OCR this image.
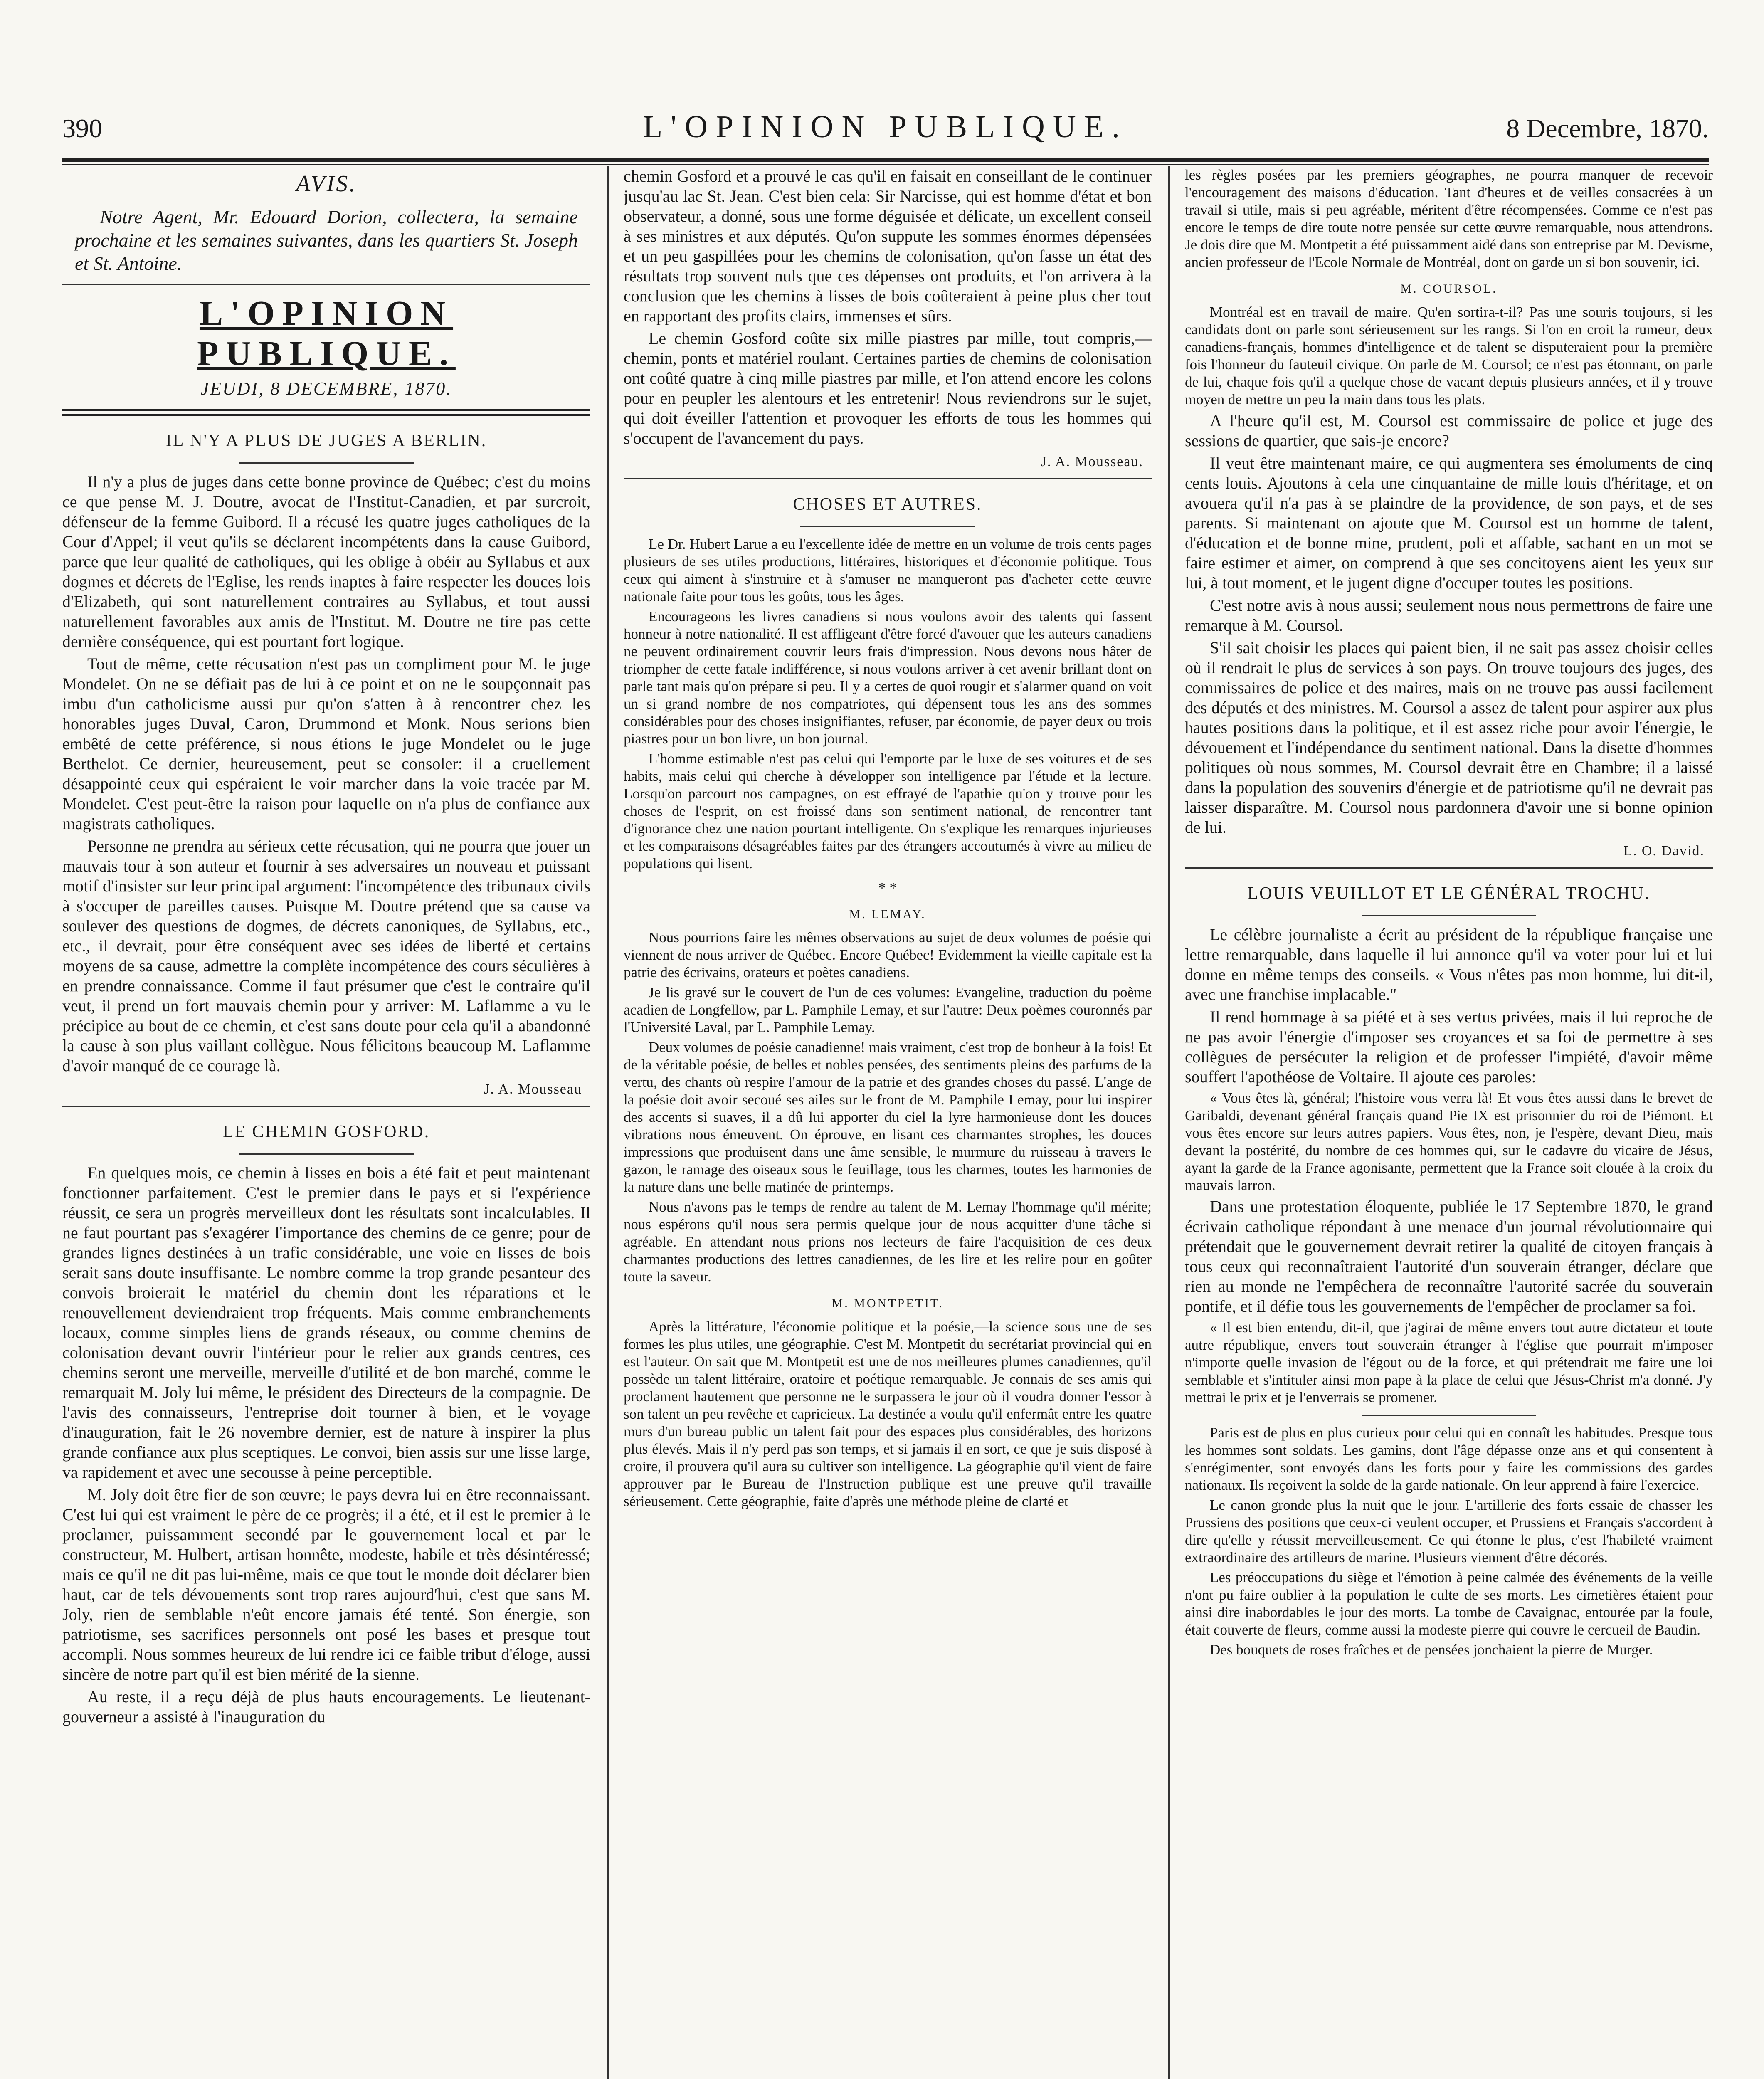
390	L'OPINION PUBLIQUE.	8 Decembre, 1870.
AVIS.
Notre Agent, Mr. Edouard Dorion, collectera, la semaine prochaine et les semaines suivantes, dans les quartiers St. Joseph et St. Antoine.
L'OPINION PUBLIQUE.
JEUDI, 8 DECEMBRE, 1870.
IL N'Y A PLUS DE JUGES A BERLIN.

Il n'y a plus de juges dans cette bonne province de Québec; c'est du moins ce que pense M. J. Doutre, avocat de l'Institut-Canadien, et par surcroit, défenseur de la femme Guibord. Il a récusé les quatre juges catholiques de la Cour d'Appel; il veut qu'ils se déclarent incompétents dans la cause Guibord, parce que leur qualité de catholiques, qui les oblige à obéir au Syllabus et aux dogmes et décrets de l'Eglise, les rends inaptes à faire respecter les douces lois d'Elizabeth, qui sont naturellement contraires au Syllabus, et tout aussi naturellement favorables aux amis de l'Institut. M. Doutre ne tire pas cette dernière conséquence, qui est pourtant fort logique.

Tout de même, cette récusation n'est pas un compliment pour M. le juge Mondelet. On ne se défiait pas de lui à ce point et on ne le soupçonnait pas imbu d'un catholicisme aussi pur qu'on s'atten à à rencontrer chez les honorables juges Duval, Caron, Drummond et Monk. Nous serions bien embêté de cette préférence, si nous étions le juge Mondelet ou le juge Berthelot. Ce dernier, heureusement, peut se consoler: il a cruellement désappointé ceux qui espéraient le voir marcher dans la voie tracée par M. Mondelet. C'est peut-être la raison pour laquelle on n'a plus de confiance aux magistrats catholiques.

Personne ne prendra au sérieux cette récusation, qui ne pourra que jouer un mauvais tour à son auteur et fournir à ses adversaires un nouveau et puissant motif d'insister sur leur principal argument: l'incompétence des tribunaux civils à s'occuper de pareilles causes. Puisque M. Doutre prétend que sa cause va soulever des questions de dogmes, de décrets canoniques, de Syllabus, etc., etc., il devrait, pour être conséquent avec ses idées de liberté et certains moyens de sa cause, admettre la complète incompétence des cours séculières à en prendre connaissance. Comme il faut présumer que c'est le contraire qu'il veut, il prend un fort mauvais chemin pour y arriver: M. Laflamme a vu le précipice au bout de ce chemin, et c'est sans doute pour cela qu'il a abandonné la cause à son plus vaillant collègue. Nous félicitons beaucoup M. Laflamme d'avoir manqué de ce courage là.

J. A. Mousseau
LE CHEMIN GOSFORD.

En quelques mois, ce chemin à lisses en bois a été fait et peut maintenant fonctionner parfaitement. C'est le premier dans le pays et si l'expérience réussit, ce sera un progrès merveilleux dont les résultats sont incalculables. Il ne faut pourtant pas s'exagérer l'importance des chemins de ce genre; pour de grandes lignes destinées à un trafic considérable, une voie en lisses de bois serait sans doute insuffisante. Le nombre comme la trop grande pesanteur des convois broierait le matériel du chemin dont les réparations et le renouvellement deviendraient trop fréquents. Mais comme embranchements locaux, comme simples liens de grands réseaux, ou comme chemins de colonisation devant ouvrir l'intérieur pour le relier aux grands centres, ces chemins seront une merveille, merveille d'utilité et de bon marché, comme le remarquait M. Joly lui même, le président des Directeurs de la compagnie. De l'avis des connaisseurs, l'entreprise doit tourner à bien, et le voyage d'inauguration, fait le 26 novembre dernier, est de nature à inspirer la plus grande confiance aux plus sceptiques. Le convoi, bien assis sur une lisse large, va rapidement et avec une secousse à peine perceptible.

M. Joly doit être fier de son œuvre; le pays devra lui en être reconnaissant. C'est lui qui est vraiment le père de ce progrès; il a été, et il est le premier à le proclamer, puissamment secondé par le gouvernement local et par le constructeur, M. Hulbert, artisan honnête, modeste, habile et très désintéressé; mais ce qu'il ne dit pas lui-même, mais ce que tout le monde doit déclarer bien haut, car de tels dévouements sont trop rares aujourd'hui, c'est que sans M. Joly, rien de semblable n'eût encore jamais été tenté. Son énergie, son patriotisme, ses sacrifices personnels ont posé les bases et presque tout accompli. Nous sommes heureux de lui rendre ici ce faible tribut d'éloge, aussi sincère de notre part qu'il est bien mérité de la sienne.

Au reste, il a reçu déjà de plus hauts encouragements. Le lieutenant-gouverneur a assisté à l'inauguration du

chemin Gosford et a prouvé le cas qu'il en faisait en conseillant de le continuer jusqu'au lac St. Jean. C'est bien cela: Sir Narcisse, qui est homme d'état et bon observateur, a donné, sous une forme déguisée et délicate, un excellent conseil à ses ministres et aux députés. Qu'on suppute les sommes énormes dépensées et un peu gaspillées pour les chemins de colonisation, qu'on fasse un état des résultats trop souvent nuls que ces dépenses ont produits, et l'on arrivera à la conclusion que les chemins à lisses de bois coûteraient à peine plus cher tout en rapportant des profits clairs, immenses et sûrs.

Le chemin Gosford coûte six mille piastres par mille, tout compris,—chemin, ponts et matériel roulant. Certaines parties de chemins de colonisation ont coûté quatre à cinq mille piastres par mille, et l'on attend encore les colons pour en peupler les alentours et les entretenir! Nous reviendrons sur le sujet, qui doit éveiller l'attention et provoquer les efforts de tous les hommes qui s'occupent de l'avancement du pays.

J. A. Mousseau.
CHOSES ET AUTRES.

Le Dr. Hubert Larue a eu l'excellente idée de mettre en un volume de trois cents pages plusieurs de ses utiles productions, littéraires, historiques et d'économie politique. Tous ceux qui aiment à s'instruire et à s'amuser ne manqueront pas d'acheter cette œuvre nationale faite pour tous les goûts, tous les âges.

Encourageons les livres canadiens si nous voulons avoir des talents qui fassent honneur à notre nationalité. Il est affligeant d'être forcé d'avouer que les auteurs canadiens ne peuvent ordinairement couvrir leurs frais d'impression. Nous devons nous hâter de triompher de cette fatale indifférence, si nous voulons arriver à cet avenir brillant dont on parle tant mais qu'on prépare si peu. Il y a certes de quoi rougir et s'alarmer quand on voit un si grand nombre de nos compatriotes, qui dépensent tous les ans des sommes considérables pour des choses insignifiantes, refuser, par économie, de payer deux ou trois piastres pour un bon livre, un bon journal.

L'homme estimable n'est pas celui qui l'emporte par le luxe de ses voitures et de ses habits, mais celui qui cherche à développer son intelligence par l'étude et la lecture. Lorsqu'on parcourt nos campagnes, on est effrayé de l'apathie qu'on y trouve pour les choses de l'esprit, on est froissé dans son sentiment national, de rencontrer tant d'ignorance chez une nation pourtant intelligente. On s'explique les remarques injurieuses et les comparaisons désagréables faites par des étrangers accoutumés à vivre au milieu de populations qui lisent.

* *
M. LEMAY.

Nous pourrions faire les mêmes observations au sujet de deux volumes de poésie qui viennent de nous arriver de Québec. Encore Québec! Evidemment la vieille capitale est la patrie des écrivains, orateurs et poètes canadiens.

Je lis gravé sur le couvert de l'un de ces volumes: Evangeline, traduction du poème acadien de Longfellow, par L. Pamphile Lemay, et sur l'autre: Deux poèmes couronnés par l'Université Laval, par L. Pamphile Lemay.

Deux volumes de poésie canadienne! mais vraiment, c'est trop de bonheur à la fois! Et de la véritable poésie, de belles et nobles pensées, des sentiments pleins des parfums de la vertu, des chants où respire l'amour de la patrie et des grandes choses du passé. L'ange de la poésie doit avoir secoué ses ailes sur le front de M. Pamphile Lemay, pour lui inspirer des accents si suaves, il a dû lui apporter du ciel la lyre harmonieuse dont les douces vibrations nous émeuvent. On éprouve, en lisant ces charmantes strophes, les douces impressions que produisent dans une âme sensible, le murmure du ruisseau à travers le gazon, le ramage des oiseaux sous le feuillage, tous les charmes, toutes les harmonies de la nature dans une belle matinée de printemps.

Nous n'avons pas le temps de rendre au talent de M. Lemay l'hommage qu'il mérite; nous espérons qu'il nous sera permis quelque jour de nous acquitter d'une tâche si agréable. En attendant nous prions nos lecteurs de faire l'acquisition de ces deux charmantes productions des lettres canadiennes, de les lire et les relire pour en goûter toute la saveur.

M. MONTPETIT.

Après la littérature, l'économie politique et la poésie,—la science sous une de ses formes les plus utiles, une géographie. C'est M. Montpetit du secrétariat provincial qui en est l'auteur. On sait que M. Montpetit est une de nos meilleures plumes canadiennes, qu'il possède un talent littéraire, oratoire et poétique remarquable. Je connais de ses amis qui proclament hautement que personne ne le surpassera le jour où il voudra donner l'essor à son talent un peu revêche et capricieux. La destinée a voulu qu'il enfermât entre les quatre murs d'un bureau public un talent fait pour des espaces plus considérables, des horizons plus élevés. Mais il n'y perd pas son temps, et si jamais il en sort, ce que je suis disposé à croire, il prouvera qu'il aura su cultiver son intelligence. La géographie qu'il vient de faire approuver par le Bureau de l'Instruction publique est une preuve qu'il travaille sérieusement. Cette géographie, faite d'après une méthode pleine de clarté et

les règles posées par les premiers géographes, ne pourra manquer de recevoir l'encouragement des maisons d'éducation. Tant d'heures et de veilles consacrées à un travail si utile, mais si peu agréable, méritent d'être récompensées. Comme ce n'est pas encore le temps de dire toute notre pensée sur cette œuvre remarquable, nous attendrons. Je dois dire que M. Montpetit a été puissamment aidé dans son entreprise par M. Devisme, ancien professeur de l'Ecole Normale de Montréal, dont on garde un si bon souvenir, ici.

M. COURSOL.

Montréal est en travail de maire. Qu'en sortira-t-il? Pas une souris toujours, si les candidats dont on parle sont sérieusement sur les rangs. Si l'on en croit la rumeur, deux canadiens-français, hommes d'intelligence et de talent se disputeraient pour la première fois l'honneur du fauteuil civique. On parle de M. Coursol; ce n'est pas étonnant, on parle de lui, chaque fois qu'il a quelque chose de vacant depuis plusieurs années, et il y trouve moyen de mettre un peu la main dans tous les plats.

A l'heure qu'il est, M. Coursol est commissaire de police et juge des sessions de quartier, que sais-je encore?

Il veut être maintenant maire, ce qui augmentera ses émoluments de cinq cents louis. Ajoutons à cela une cinquantaine de mille louis d'héritage, et on avouera qu'il n'a pas à se plaindre de la providence, de son pays, et de ses parents. Si maintenant on ajoute que M. Coursol est un homme de talent, d'éducation et de bonne mine, prudent, poli et affable, sachant en un mot se faire estimer et aimer, on comprend à que ses concitoyens aient les yeux sur lui, à tout moment, et le jugent digne d'occuper toutes les positions.

C'est notre avis à nous aussi; seulement nous nous permettrons de faire une remarque à M. Coursol.

S'il sait choisir les places qui paient bien, il ne sait pas assez choisir celles où il rendrait le plus de services à son pays. On trouve toujours des juges, des commissaires de police et des maires, mais on ne trouve pas aussi facilement des députés et des ministres. M. Coursol a assez de talent pour aspirer aux plus hautes positions dans la politique, et il est assez riche pour avoir l'énergie, le dévouement et l'indépendance du sentiment national. Dans la disette d'hommes politiques où nous sommes, M. Coursol devrait être en Chambre; il a laissé dans la population des souvenirs d'énergie et de patriotisme qu'il ne devrait pas laisser disparaître. M. Coursol nous pardonnera d'avoir une si bonne opinion de lui.

L. O. David.
LOUIS VEUILLOT ET LE GÉNÉRAL TROCHU.

Le célèbre journaliste a écrit au président de la république française une lettre remarquable, dans laquelle il lui annonce qu'il va voter pour lui et lui donne en même temps des conseils. « Vous n'êtes pas mon homme, lui dit-il, avec une franchise implacable."

Il rend hommage à sa piété et à ses vertus privées, mais il lui reproche de ne pas avoir l'énergie d'imposer ses croyances et sa foi de permettre à ses collègues de persécuter la religion et de professer l'impiété, d'avoir même souffert l'apothéose de Voltaire. Il ajoute ces paroles:

« Vous êtes là, général; l'histoire vous verra là! Et vous êtes aussi dans le brevet de Garibaldi, devenant général français quand Pie IX est prisonnier du roi de Piémont. Et vous êtes encore sur leurs autres papiers. Vous êtes, non, je l'espère, devant Dieu, mais devant la postérité, du nombre de ces hommes qui, sur le cadavre du vicaire de Jésus, ayant la garde de la France agonisante, permettent que la France soit clouée à la croix du mauvais larron.

Dans une protestation éloquente, publiée le 17 Septembre 1870, le grand écrivain catholique répondant à une menace d'un journal révolutionnaire qui prétendait que le gouvernement devrait retirer la qualité de citoyen français à tous ceux qui reconnaîtraient l'autorité d'un souverain étranger, déclare que rien au monde ne l'empêchera de reconnaître l'autorité sacrée du souverain pontife, et il défie tous les gouvernements de l'empêcher de proclamer sa foi.

« Il est bien entendu, dit-il, que j'agirai de même envers tout autre dictateur et toute autre république, envers tout souverain étranger à l'église que pourrait m'imposer n'importe quelle invasion de l'égout ou de la force, et qui prétendrait me faire une loi semblable et s'intituler ainsi mon pape à la place de celui que Jésus-Christ m'a donné. J'y mettrai le prix et je l'enverrais se promener.

Paris est de plus en plus curieux pour celui qui en connaît les habitudes. Presque tous les hommes sont soldats. Les gamins, dont l'âge dépasse onze ans et qui consentent à s'enrégimenter, sont envoyés dans les forts pour y faire les commissions des gardes nationaux. Ils reçoivent la solde de la garde nationale. On leur apprend à faire l'exercice.

Le canon gronde plus la nuit que le jour. L'artillerie des forts essaie de chasser les Prussiens des positions que ceux-ci veulent occuper, et Prussiens et Français s'accordent à dire qu'elle y réussit merveilleusement. Ce qui étonne le plus, c'est l'habileté vraiment extraordinaire des artilleurs de marine. Plusieurs viennent d'être décorés.

Les préoccupations du siège et l'émotion à peine calmée des événements de la veille n'ont pu faire oublier à la population le culte de ses morts. Les cimetières étaient pour ainsi dire inabordables le jour des morts. La tombe de Cavaignac, entourée par la foule, était couverte de fleurs, comme aussi la modeste pierre qui couvre le cercueil de Baudin.

Des bouquets de roses fraîches et de pensées jonchaient la pierre de Murger.
